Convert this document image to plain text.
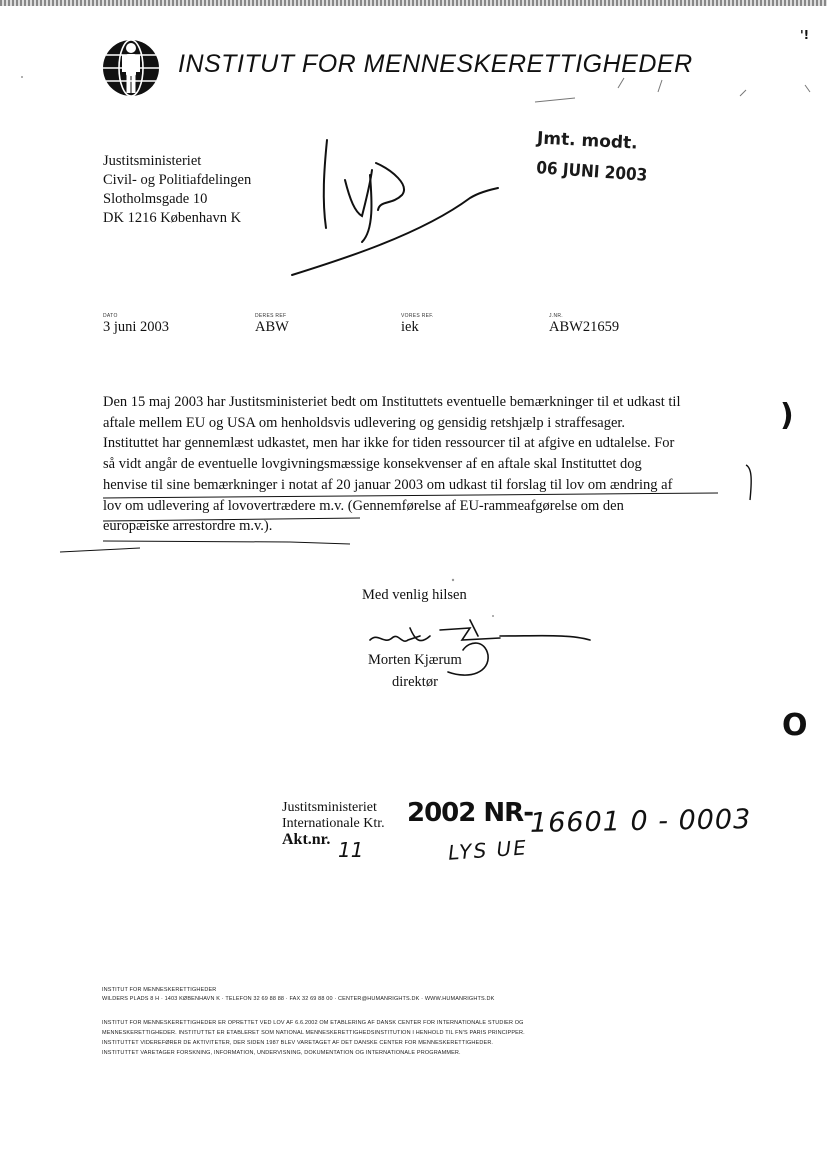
INSTITUT FOR MENNESKERETTIGHEDER
Jmt. modt.
06 JUNI 2003
Justitsministeriet
Civil- og Politiafdelingen
Slotholmsgade 10
DK 1216 København K
DATO
3 juni 2003
DERES REF
ABW
VORES REF.
iek
J.NR.
ABW21659

Den 15 maj 2003 har Justitsministeriet bedt om Instituttets eventuelle bemærkninger til et udkast til

aftale mellem EU og USA om henholdsvis udlevering og gensidig retshjælp i straffesager.

Instituttet har gennemlæst udkastet, men har ikke for tiden ressourcer til at afgive en udtalelse. For

så vidt angår de eventuelle lovgivningsmæssige konsekvenser af en aftale skal Instituttet dog

henvise til sine bemærkninger i notat af 20 januar 2003 om udkast til forslag til lov om ændring af

lov om udlevering af lovovertrædere m.v. (Gennemførelse af EU-rammeafgørelse om den

europæiske arrestordre m.v.).

Med venlig hilsen
Morten Kjærum
direktør
Justitsministeriet
Internationale Ktr.
Akt.nr.
2002 NR-
16601 0 - 0003
11	LYS UE
INSTITUT FOR MENNESKERETTIGHEDER
WILDERS PLADS 8 H · 1403 KØBENHAVN K · TELEFON 32 69 88 88 · FAX 32 69 88 00 · CENTER@HUMANRIGHTS.DK · WWW.HUMANRIGHTS.DK
INSTITUT FOR MENNESKERETTIGHEDER ER OPRETTET VED LOV AF 6.6.2002 OM ETABLERING AF DANSK CENTER FOR INTERNATIONALE STUDIER OG
MENNESKERETTIGHEDER. INSTITUTTET ER ETABLERET SOM NATIONAL MENNESKERETTIGHEDSINSTITUTION I HENHOLD TIL FN'S PARIS PRINCIPPER.
INSTITUTTET VIDEREFØRER DE AKTIVITETER, DER SIDEN 1987 BLEV VARETAGET AF DET DANSKE CENTER FOR MENNESKERETTIGHEDER.
INSTITUTTET VARETAGER FORSKNING, INFORMATION, UNDERVISNING, DOKUMENTATION OG INTERNATIONALE PROGRAMMER.
'!
)
O
